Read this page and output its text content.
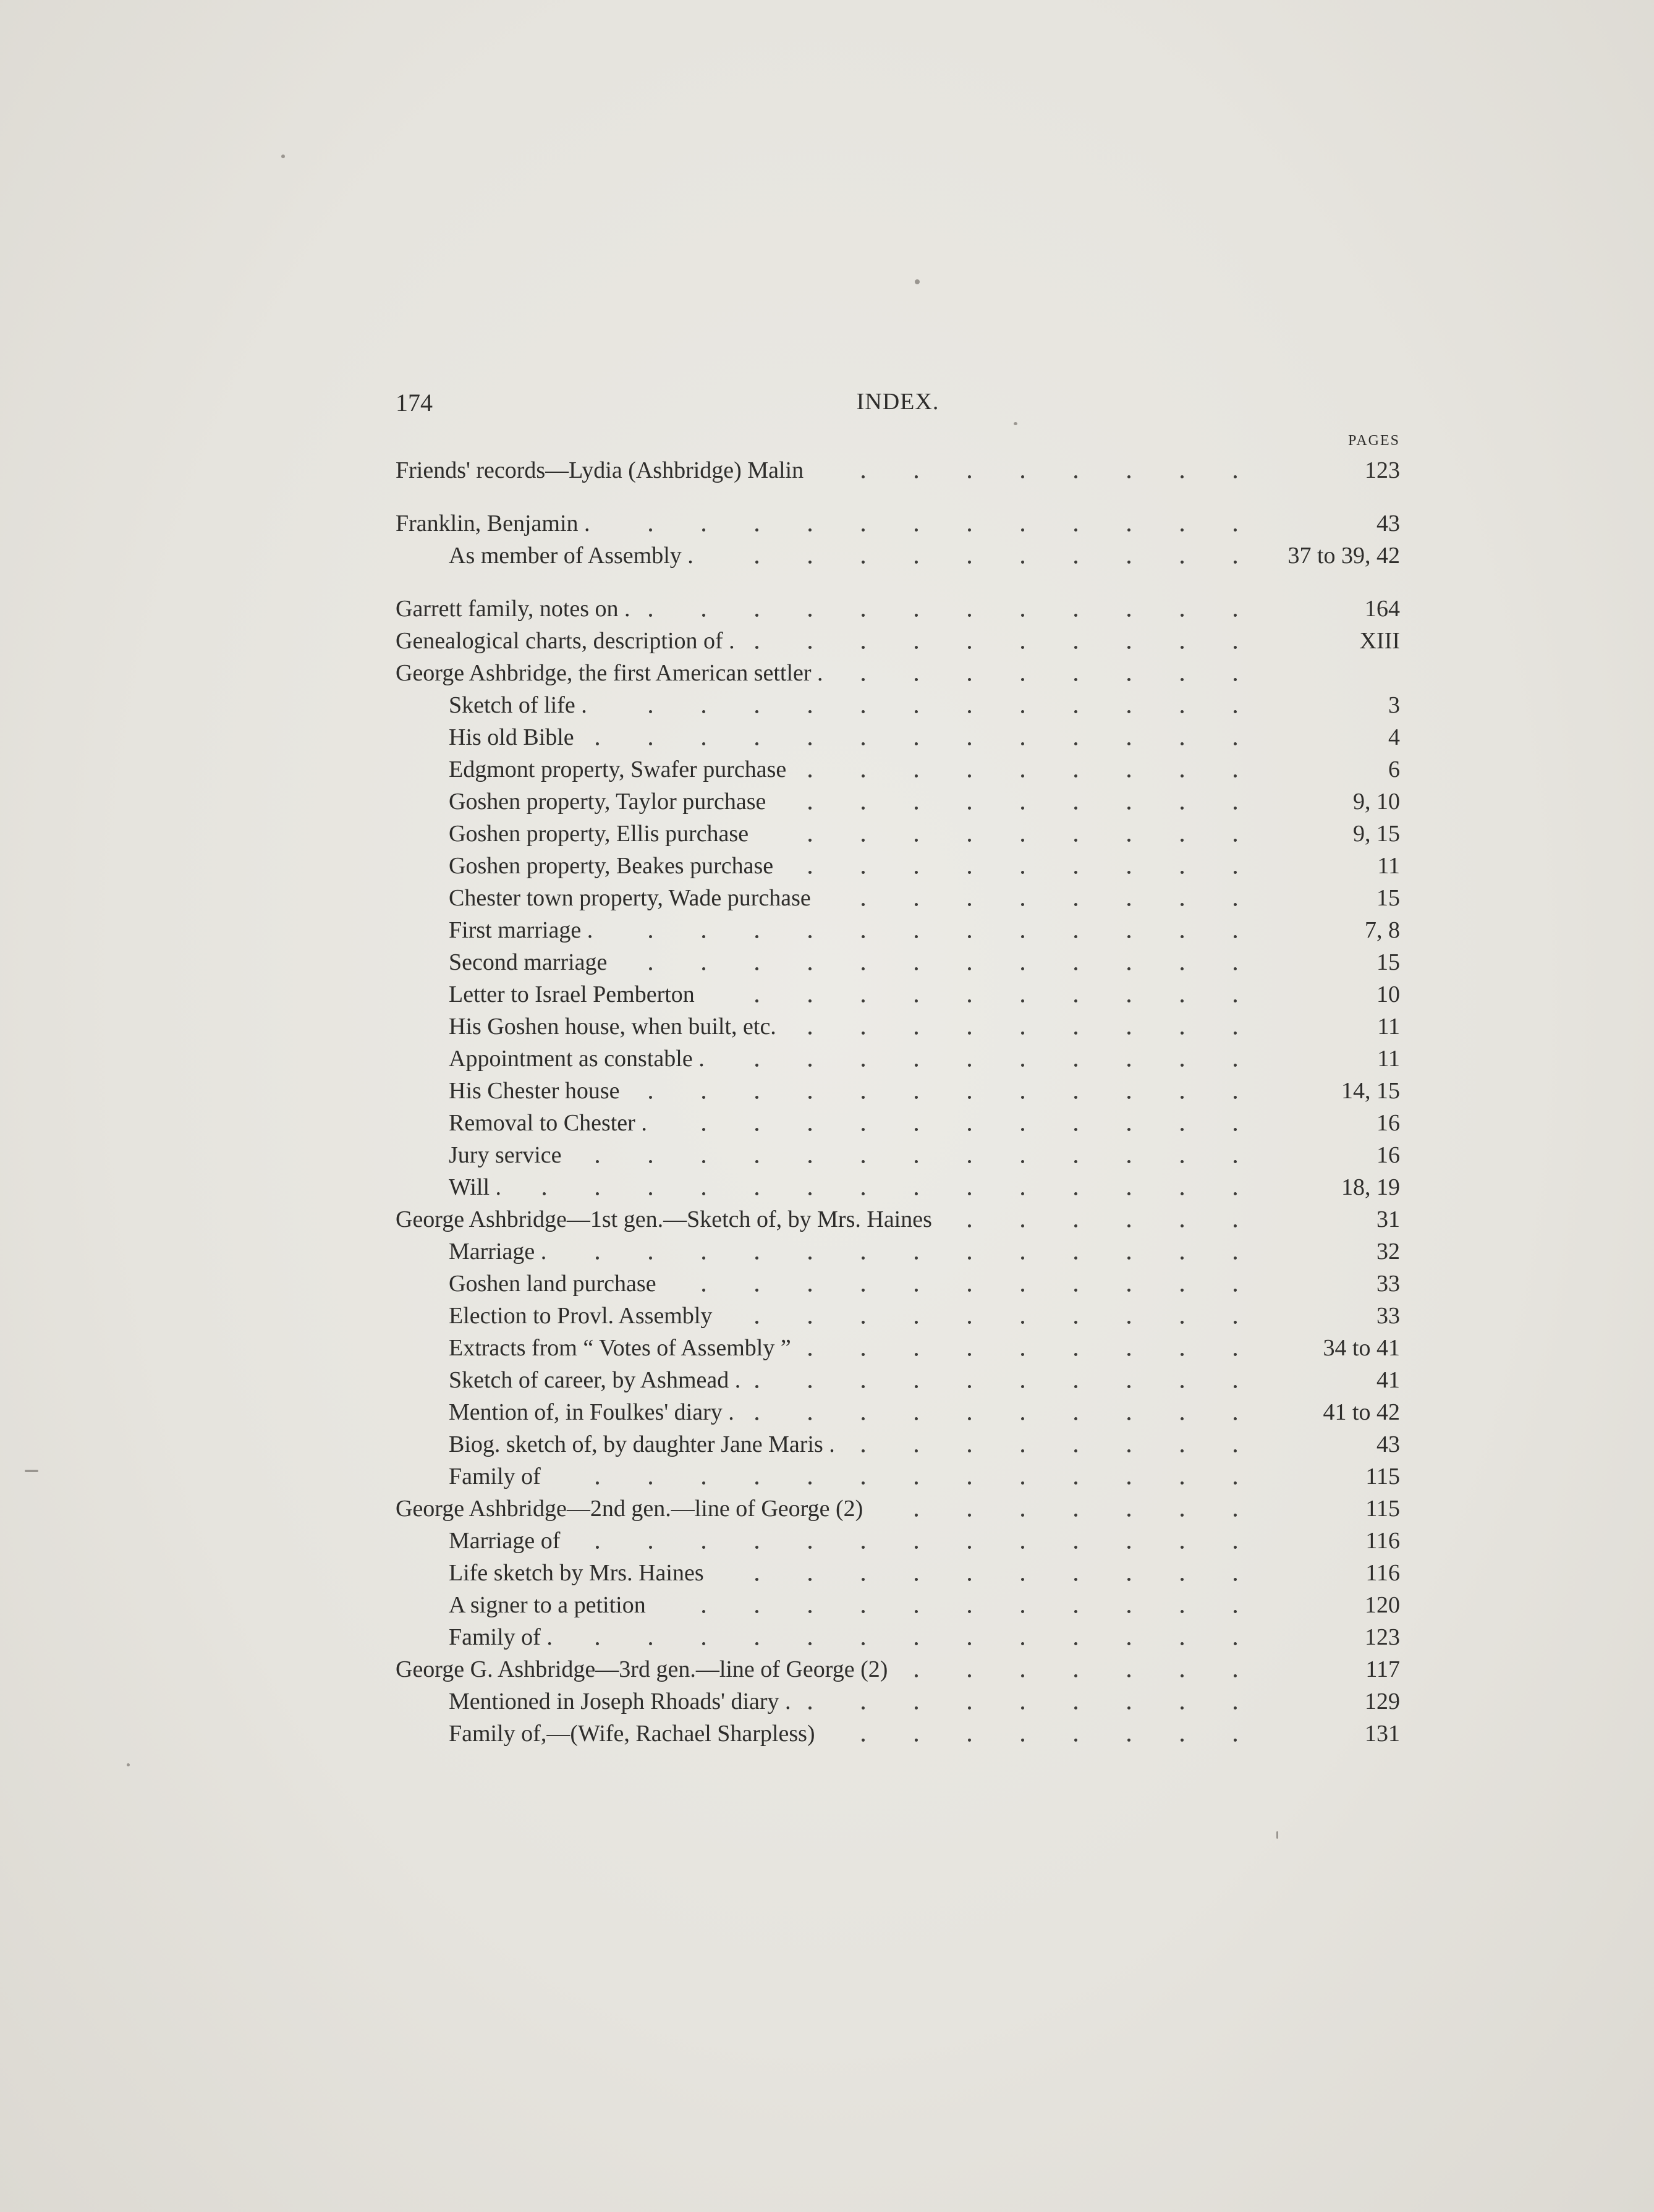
174	INDEX.
PAGES
Friends' records—Lydia (Ashbridge) Malin	123
Franklin, Benjamin .	43
As member of Assembly .	37 to 39, 42
Garrett family, notes on .	164
Genealogical charts, description of .	XIII
George Ashbridge, the first American settler .
Sketch of life .	3
His old Bible	4
Edgmont property, Swafer purchase	6
Goshen property, Taylor purchase	9, 10
Goshen property, Ellis purchase	9, 15
Goshen property, Beakes purchase	11
Chester town property, Wade purchase	15
First marriage .	7, 8
Second marriage	15
Letter to Israel Pemberton	10
His Goshen house, when built, etc.	11
Appointment as constable .	11
His Chester house	14, 15
Removal to Chester .	16
Jury service	16
Will .	18, 19
George Ashbridge—1st gen.—Sketch of, by Mrs. Haines	31
Marriage .	32
Goshen land purchase	33
Election to Provl. Assembly	33
Extracts from “ Votes of Assembly ”	34 to 41
Sketch of career, by Ashmead .	41
Mention of, in Foulkes' diary .	41 to 42
Biog. sketch of, by daughter Jane Maris .	43
Family of	115
George Ashbridge—2nd gen.—line of George (2)	115
Marriage of	116
Life sketch by Mrs. Haines	116
A signer to a petition	120
Family of .	123
George G. Ashbridge—3rd gen.—line of George (2)	117
Mentioned in Joseph Rhoads' diary .	129
Family of,—(Wife, Rachael Sharpless)	131
